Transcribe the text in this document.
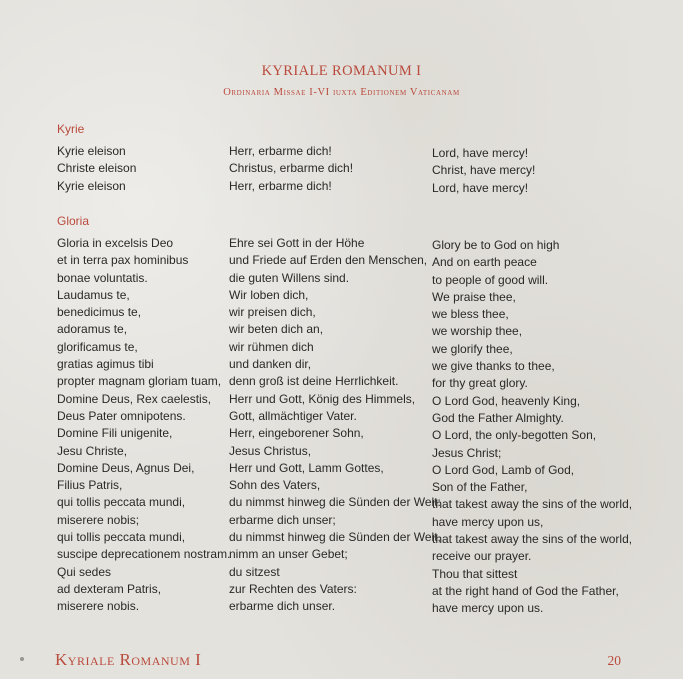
KYRIALE ROMANUM I
Ordinaria Missae I-VI iuxta Editionem Vaticanam
Kyrie
Kyrie eleison
Christe eleison
Kyrie eleison
Herr, erbarme dich!
Christus, erbarme dich!
Herr, erbarme dich!
Lord, have mercy!
Christ, have mercy!
Lord, have mercy!
Gloria
Gloria in excelsis Deo
et in terra pax hominibus
bonae voluntatis.
Laudamus te,
benedicimus te,
adoramus te,
glorificamus te,
gratias agimus tibi
propter magnam gloriam tuam,
Domine Deus, Rex caelestis,
Deus Pater omnipotens.
Domine Fili unigenite,
Jesu Christe,
Domine Deus, Agnus Dei,
Filius Patris,
qui tollis peccata mundi,
miserere nobis;
qui tollis peccata mundi,
suscipe deprecationem nostram.
Qui sedes
ad dexteram Patris,
miserere nobis.
Ehre sei Gott in der Höhe
und Friede auf Erden den Menschen,
die guten Willens sind.
Wir loben dich,
wir preisen dich,
wir beten dich an,
wir rühmen dich
und danken dir,
denn groß ist deine Herrlichkeit.
Herr und Gott, König des Himmels,
Gott, allmächtiger Vater.
Herr, eingeborener Sohn,
Jesus Christus,
Herr und Gott, Lamm Gottes,
Sohn des Vaters,
du nimmst hinweg die Sünden der Welt:
erbarme dich unser;
du nimmst hinweg die Sünden der Welt,
nimm an unser Gebet;
du sitzest
zur Rechten des Vaters:
erbarme dich unser.
Glory be to God on high
And on earth peace
to people of good will.
We praise thee,
we bless thee,
we worship thee,
we glorify thee,
we give thanks to thee,
for thy great glory.
O Lord God, heavenly King,
God the Father Almighty.
O Lord, the only-begotten Son,
Jesus Christ;
O Lord God, Lamb of God,
Son of the Father,
that takest away the sins of the world,
have mercy upon us,
that takest away the sins of the world,
receive our prayer.
Thou that sittest
at the right hand of God the Father,
have mercy upon us.
Kyriale Romanum I	20
